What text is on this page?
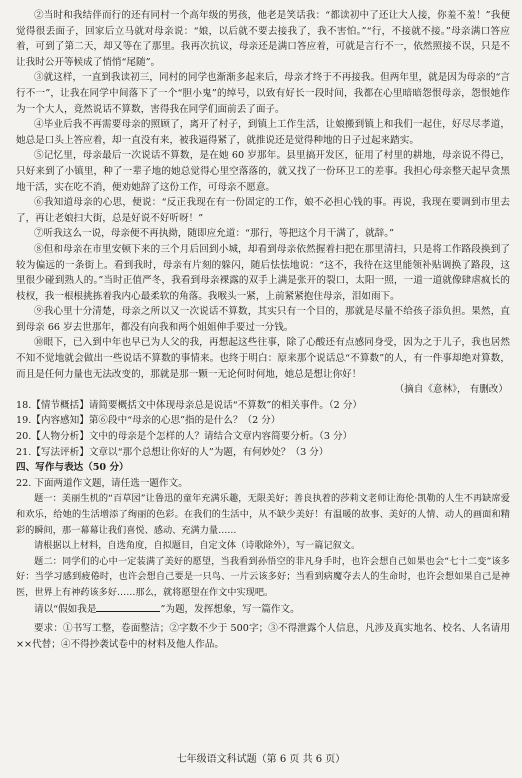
②当时和我结伴而行的还有同村一个高年级的男孩，他老是笑话我：“都读初中了还让大人接，你羞不羞！”我便觉得很丢面子，回家后立马就对母亲说：“娘，以后就不要去接我了，我不害怕。”“行，不接就不接。”母亲满口答应着，可到了第二天，却又等在了那里。我再次抗议，母亲还是满口答应着，可就是言行不一，依然照接不误，只是不让我时公开等候成了悄悄“尾随”。

③就这样，一直到我读初三，同村的同学也渐渐多起来后，母亲才终于不再接我。但两年里，就是因为母亲的“言行不一”，让我在同学中间落下了一个“胆小鬼”的绰号，以致有好长一段时间，我都在心里暗暗怨恨母亲，怨恨她作为一个大人，竟然说话不算数，害得我在同学们面前丢了面子。

④毕业后我不再需要母亲的照顾了，离开了村子，到镇上工作生活，让娘搬到镇上和我们一起住，好尽尽孝道，她总是口头上答应着，却一直没有来，被我逼得紧了，就推说还是觉得种地的日子过起来踏实。

⑤记忆里，母亲最后一次说话不算数，是在她 60 岁那年。县里搞开发区，征用了村里的耕地，母亲说不得已，只好来到了小镇里，种了一辈子地的她总觉得心里空落落的，就又找了一份环卫工的差事。我担心母亲整天起早贪黑地干活，实在吃不消，便劝她辞了这份工作，可母亲不愿意。

⑥我知道母亲的心思，便说：“反正我现在有一份固定的工作，娘不必担心钱的事。再说，我现在要调到市里去了，再让老娘扫大街，总是好说不好听呀！”

⑦听我这么一说，母亲便不再执拗，随即应允道：“那行，等把这个月干满了，就辞。”

⑧但和母亲在市里安顿下来的三个月后回到小城，却看到母亲依然握着扫把在那里清扫，只是将工作路段换到了较为偏远的一条街上。看到我时，母亲有片刻的躲闪，随后怯怯地说：“这不，我待在这里能领补贴调换了路段，这里很少碰到熟人的。”当时正值严冬，我看到母亲裸露的双手上满是张开的裂口，太阳一照，一道一道就像肆虐疯长的枝杈，我一根根挑拣着我内心最柔软的角落。我喉头一紧，上前紧紧抱住母亲，泪如雨下。

⑨我心里十分清楚，母亲之所以又一次说话不算数，其实只有一个目的，那就是尽量不给孩子添负担。果然，直到母亲 66 岁去世那年，都没有向我和两个姐姐伸手要过一分钱。

⑩眼下，已入到中年也早已为人父的我，再想起这些往事，除了心酸还有点感同身受，因为之于儿子，我也居然不知不觉地就会做出一些说话不算数的事情来。也终于明白：原来那个说话总“不算数”的人，有一件事却绝对算数，而且是任何力量也无法改变的，那就是那一颗一无论何时何地，她总是想让你好！

（摘自《意林》， 有删改）

18.【情节概括】请简要概括文中体现母亲总是说话“不算数”的相关事件。（2 分）

19.【内容感知】第⑥段中“母亲的心思”指的是什么？（2 分）

20.【人物分析】文中的母亲是个怎样的人？请结合文章内容简要分析。（3 分）

21.【写法评析】文章以“那个总想让你好的人”为题，有何妙处？（3 分）

四、写作与表达（50 分）

22. 下面两道作文题，请任选一题作文。

题一：美丽生机的“百草园”让鲁迅的童年充满乐趣，无限美好；善良执着的莎莉文老师让海伦·凯勒的人生不再缺席爱和欢乐，给她的生活增添了绚丽的色彩。在我们的生活中，从不缺少美好！有温暖的故事、美好的人情、动人的画面和精彩的瞬间，那一幕幕让我们喜悦、感动、充满力量……

请根据以上材料，自选角度，自拟题目，自定文体（诗歌除外），写一篇记叙文。

题二：同学们的心中一定装满了美好的愿望，当我看到孙悟空的非凡身手时，也许会想自己如果也会“七十二变”该多好：当学习感到疲倦时，也许会想自己要是一只鸟、一片云该多好；当看到病魔夺去人的生命时，也许会想如果自己是神医，世界上有神药该多好……那么，就将愿望在作文中实现吧。

请以“假如我是	”为题，发挥想象，写一篇作文。

要求：①书写工整，卷面整洁；②字数不少于 500字；③不得泄露个人信息，凡涉及真实地名、校名、人名请用××代替；④不得抄袭试卷中的材料及他人作品。

七年级语文科试题（第 6 页 共 6 页）
